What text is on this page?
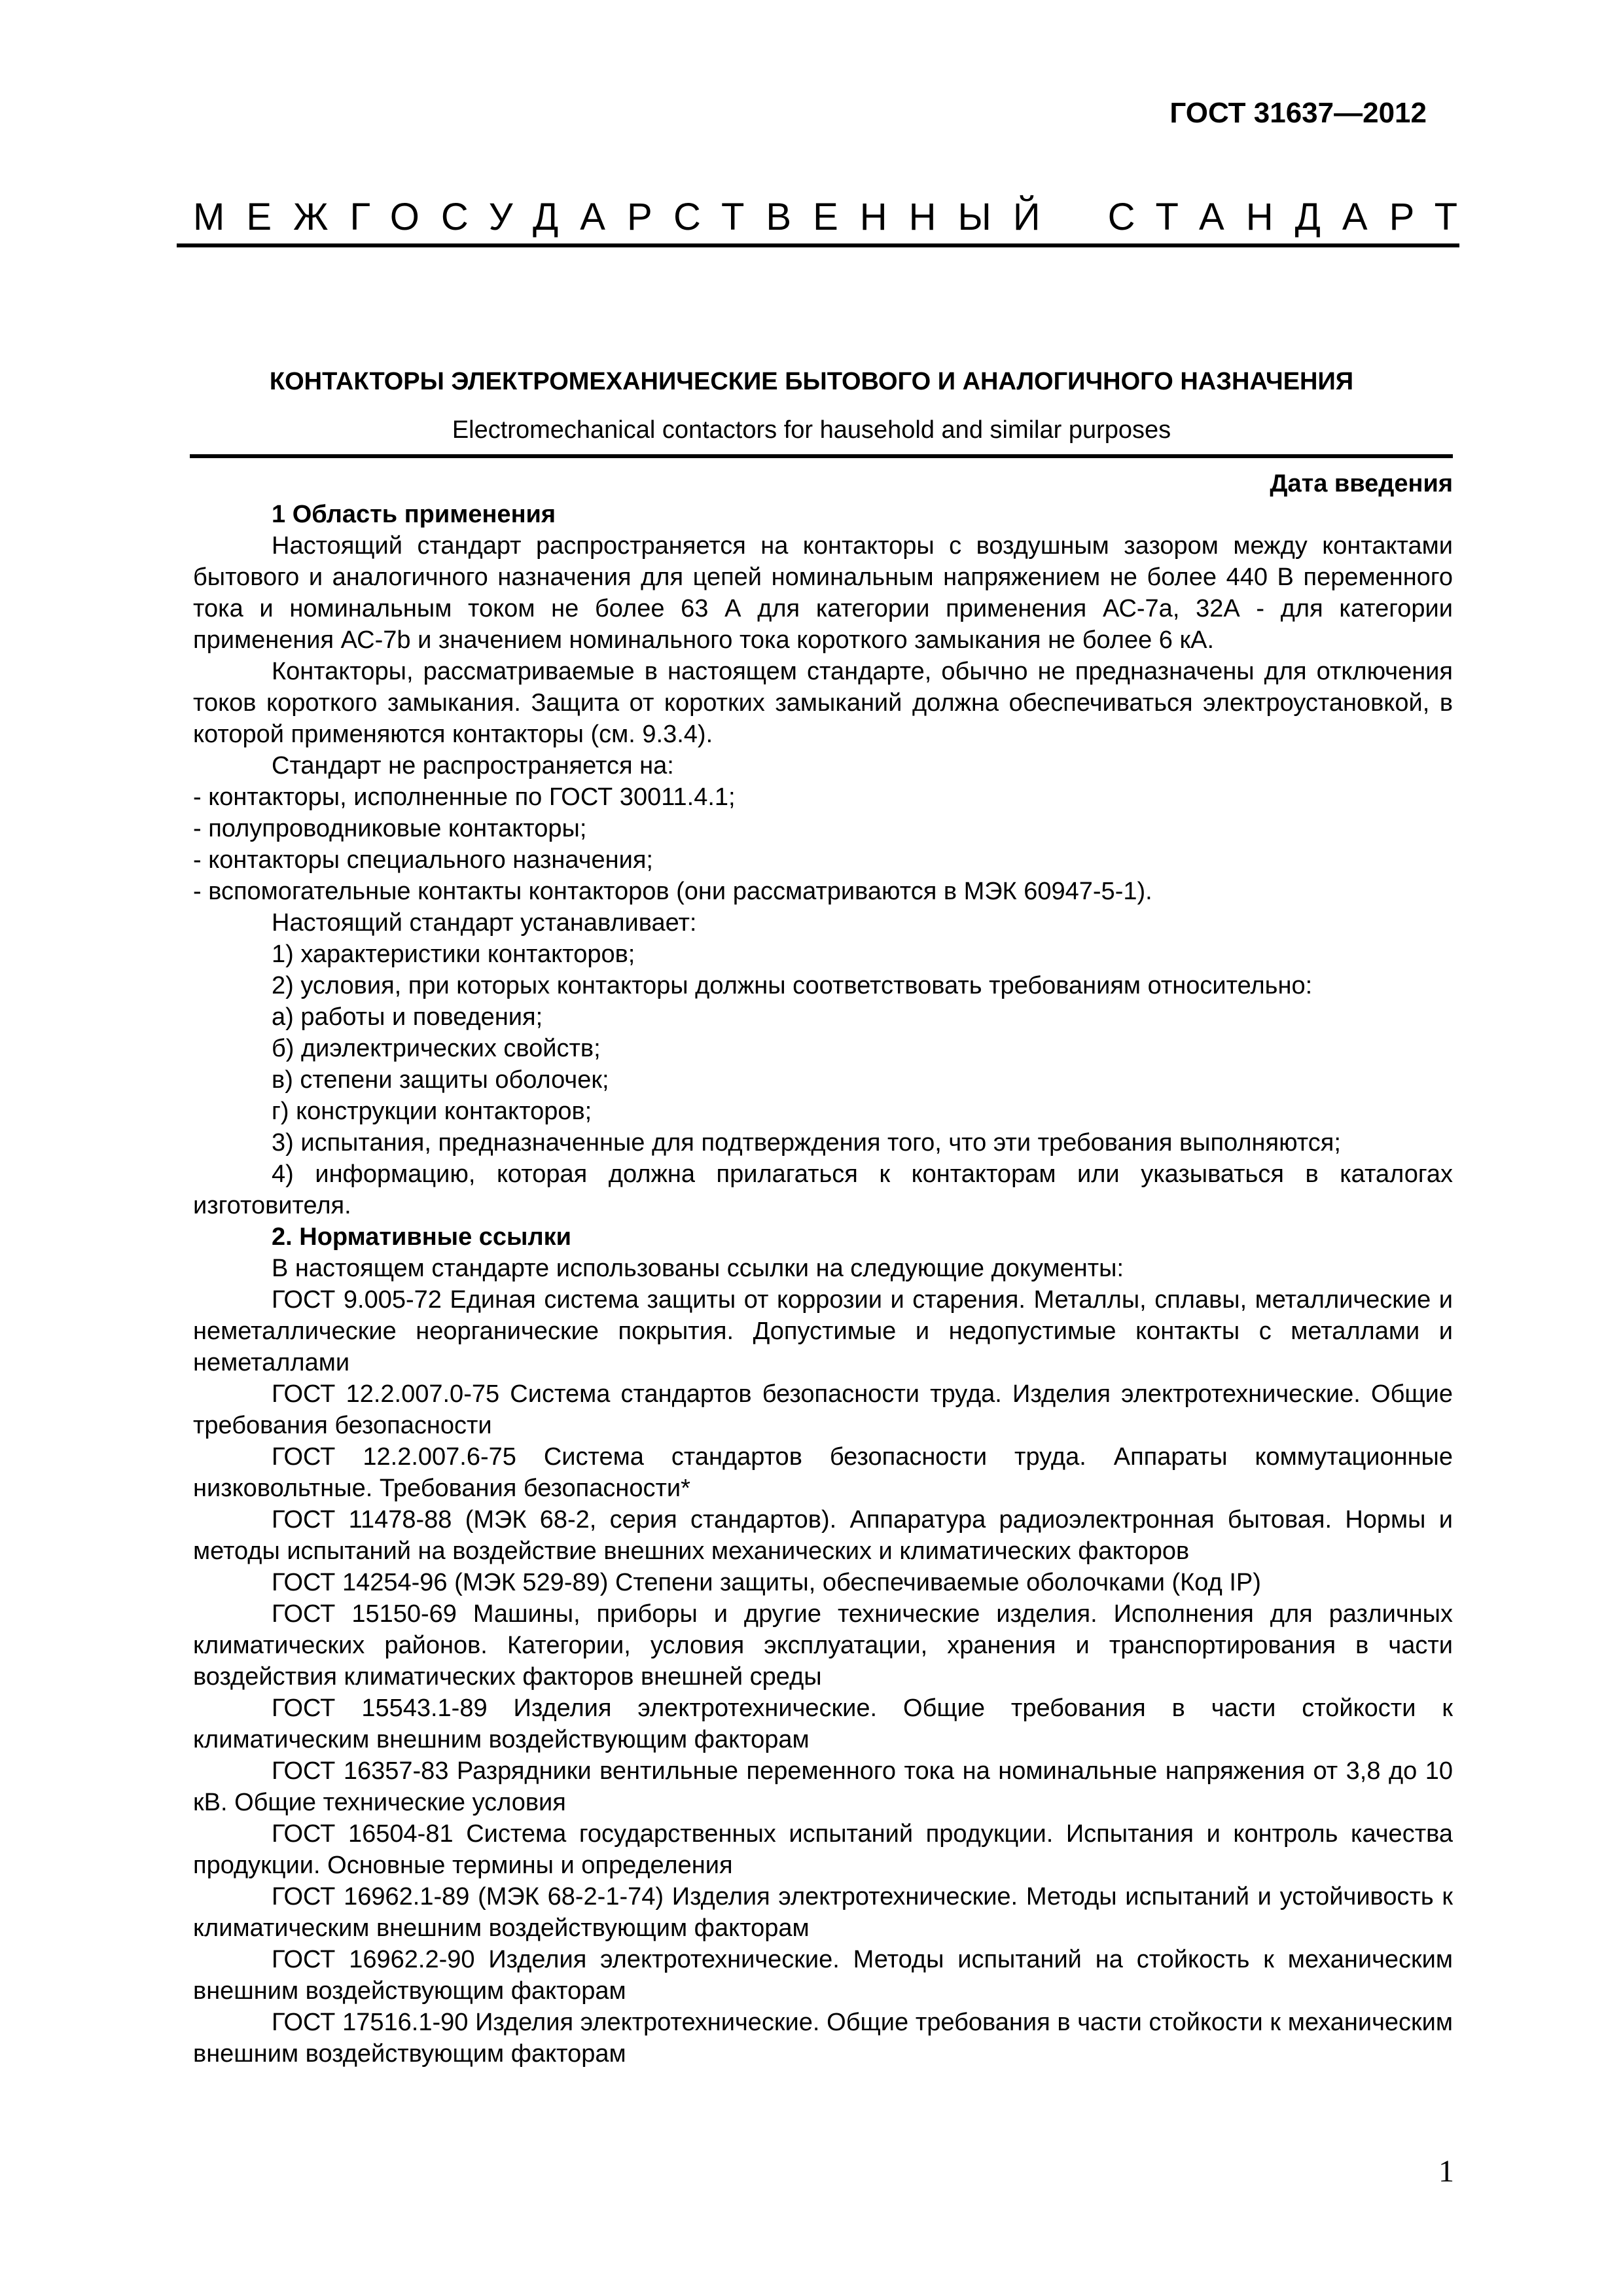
ГОСТ 31637—2012
МЕЖГОСУДАРСТВЕННЫЙ СТАНДАРТ
КОНТАКТОРЫ ЭЛЕКТРОМЕХАНИЧЕСКИЕ БЫТОВОГО И АНАЛОГИЧНОГО НАЗНАЧЕНИЯ
Electromechanical contactors for hausehold and similar purposes
Дата введения

1 Область применения

Настоящий стандарт распространяется на контакторы с воздушным зазором между контактами бытового и аналогичного назначения для цепей номинальным напряжением не более 440 В переменного тока и номинальным током не более 63 А для категории применения АС-7а, 32А - для категории применения АС-7b и значением номинального тока короткого замыкания не более 6 кА.

Контакторы, рассматриваемые в настоящем стандарте, обычно не предназначены для отключения токов короткого замыкания. Защита от коротких замыканий должна обеспечиваться электроустановкой, в которой применяются контакторы (см. 9.3.4).

Стандарт не распространяется на:

- контакторы, исполненные по ГОСТ 30011.4.1;

- полупроводниковые контакторы;

- контакторы специального назначения;

- вспомогательные контакты контакторов (они рассматриваются в МЭК 60947-5-1).

Настоящий стандарт устанавливает:

1) характеристики контакторов;

2) условия, при которых контакторы должны соответствовать требованиям относительно:

а) работы и поведения;

б) диэлектрических свойств;

в) степени защиты оболочек;

г) конструкции контакторов;

3) испытания, предназначенные для подтверждения того, что эти требования выполняются;

4) информацию, которая должна прилагаться к контакторам или указываться в каталогах изготовителя.

2. Нормативные ссылки

В настоящем стандарте использованы ссылки на следующие документы:

ГОСТ 9.005-72 Единая система защиты от коррозии и старения. Металлы, сплавы, металлические и неметаллические неорганические покрытия. Допустимые и недопустимые контакты с металлами и неметаллами

ГОСТ 12.2.007.0-75 Система стандартов безопасности труда. Изделия электротехнические. Общие требования безопасности

ГОСТ 12.2.007.6-75 Система стандартов безопасности труда. Аппараты коммутационные низковольтные. Требования безопасности*

ГОСТ 11478-88 (МЭК 68-2, серия стандартов). Аппаратура радиоэлектронная бытовая. Нормы и методы испытаний на воздействие внешних механических и климатических факторов

ГОСТ 14254-96 (МЭК 529-89) Степени защиты, обеспечиваемые оболочками (Код IP)

ГОСТ 15150-69 Машины, приборы и другие технические изделия. Исполнения для различных климатических районов. Категории, условия эксплуатации, хранения и транспортирования в части воздействия климатических факторов внешней среды

ГОСТ 15543.1-89 Изделия электротехнические. Общие требования в части стойкости к климатическим внешним воздействующим факторам

ГОСТ 16357-83 Разрядники вентильные переменного тока на номинальные напряжения от 3,8 до 10 кВ. Общие технические условия

ГОСТ 16504-81 Система государственных испытаний продукции. Испытания и контроль качества продукции. Основные термины и определения

ГОСТ 16962.1-89 (МЭК 68-2-1-74) Изделия электротехнические. Методы испытаний и устойчивость к климатическим внешним воздействующим факторам

ГОСТ 16962.2-90 Изделия электротехнические. Методы испытаний на стойкость к механическим внешним воздействующим факторам

ГОСТ 17516.1-90 Изделия электротехнические. Общие требования в части стойкости к механическим внешним воздействующим факторам

1
